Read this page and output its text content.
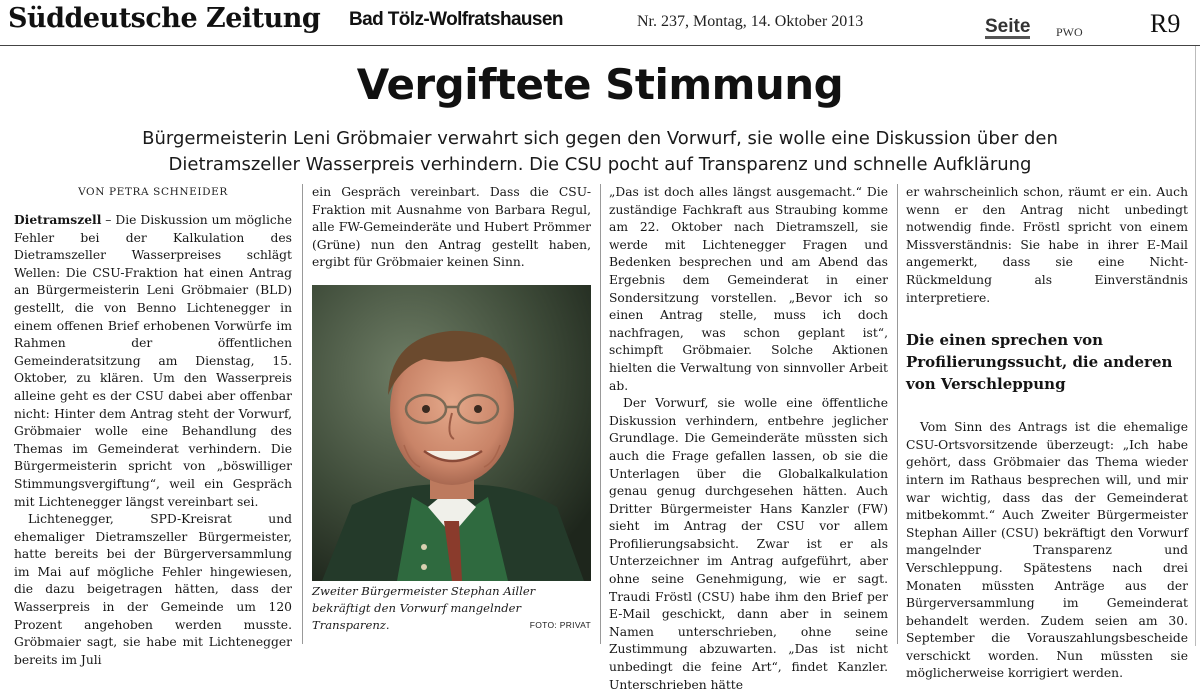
Süddeutsche Zeitung Bad Tölz-Wolfratshausen	Nr. 237, Montag, 14. Oktober 2013	Seite PWO	R9
Vergiftete Stimmung
Bürgermeisterin Leni Gröbmaier verwahrt sich gegen den Vorwurf, sie wolle eine Diskussion über den Dietramszeller Wasserpreis verhindern. Die CSU pocht auf Transparenz und schnelle Aufklärung

VON PETRA SCHNEIDER

Dietramszell – Die Diskussion um mögliche Fehler bei der Kalkulation des Dietramszeller Wasserpreises schlägt Wellen: Die CSU-Fraktion hat einen Antrag an Bürgermeisterin Leni Gröbmaier (BLD) gestellt, die von Benno Lichtenegger in einem offenen Brief erhobenen Vorwürfe im Rahmen der öffentlichen Gemeinderatsitzung am Dienstag, 15. Oktober, zu klären. Um den Wasserpreis alleine geht es der CSU dabei aber offenbar nicht: Hinter dem Antrag steht der Vorwurf, Gröbmaier wolle eine Behandlung des Themas im Gemeinderat verhindern. Die Bürgermeisterin spricht von „böswilliger Stimmungsvergiftung“, weil ein Gespräch mit Lichtenegger längst vereinbart sei.

Lichtenegger, SPD-Kreisrat und ehemaliger Dietramszeller Bürgermeister, hatte bereits bei der Bürgerversammlung im Mai auf mögliche Fehler hingewiesen, die dazu beigetragen hätten, dass der Wasserpreis in der Gemeinde um 120 Prozent angehoben werden musste. Gröbmaier sagt, sie habe mit Lichtenegger bereits im Juli

ein Gespräch vereinbart. Dass die CSU-Fraktion mit Ausnahme von Barbara Regul, alle FW-Gemeinderäte und Hubert Prömmer (Grüne) nun den Antrag gestellt haben, ergibt für Gröbmaier keinen Sinn.

Zweiter Bürgermeister Stephan Ailler bekräftigt den Vorwurf mangelnder Transparenz.	FOTO: PRIVAT

„Das ist doch alles längst ausgemacht.“ Die zuständige Fachkraft aus Straubing komme am 22. Oktober nach Dietramszell, sie werde mit Lichtenegger Fragen und Bedenken besprechen und am Abend das Ergebnis dem Gemeinderat in einer Sondersitzung vorstellen. „Bevor ich so einen Antrag stelle, muss ich doch nachfragen, was schon geplant ist“, schimpft Gröbmaier. Solche Aktionen hielten die Verwaltung von sinnvoller Arbeit ab.

Der Vorwurf, sie wolle eine öffentliche Diskussion verhindern, entbehre jeglicher Grundlage. Die Gemeinderäte müssten sich auch die Frage gefallen lassen, ob sie die Unterlagen über die Globalkalkulation genau genug durchgesehen hätten. Auch Dritter Bürgermeister Hans Kanzler (FW) sieht im Antrag der CSU vor allem Profilierungsabsicht. Zwar ist er als Unterzeichner im Antrag aufgeführt, aber ohne seine Genehmigung, wie er sagt. Traudi Fröstl (CSU) habe ihm den Brief per E-Mail geschickt, dann aber in seinem Namen unterschrieben, ohne seine Zustimmung abzuwarten. „Das ist nicht unbedingt die feine Art“, findet Kanzler. Unterschrieben hätte

er wahrscheinlich schon, räumt er ein. Auch wenn er den Antrag nicht unbedingt notwendig finde. Fröstl spricht von einem Missverständnis: Sie habe in ihrer E-Mail angemerkt, dass sie eine Nicht-Rückmeldung als Einverständnis interpretiere.

Die einen sprechen von Profilierungssucht, die anderen von Verschleppung

Vom Sinn des Antrags ist die ehemalige CSU-Ortsvorsitzende überzeugt: „Ich habe gehört, dass Gröbmaier das Thema wieder intern im Rathaus besprechen will, und mir war wichtig, dass das der Gemeinderat mitbekommt.“ Auch Zweiter Bürgermeister Stephan Ailler (CSU) bekräftigt den Vorwurf mangelnder Transparenz und Verschleppung. Spätestens nach drei Monaten müssten Anträge aus der Bürgerversammlung im Gemeinderat behandelt werden. Zudem seien am 30. September die Vorauszahlungsbescheide verschickt worden. Nun müssten sie möglicherweise korrigiert werden.
